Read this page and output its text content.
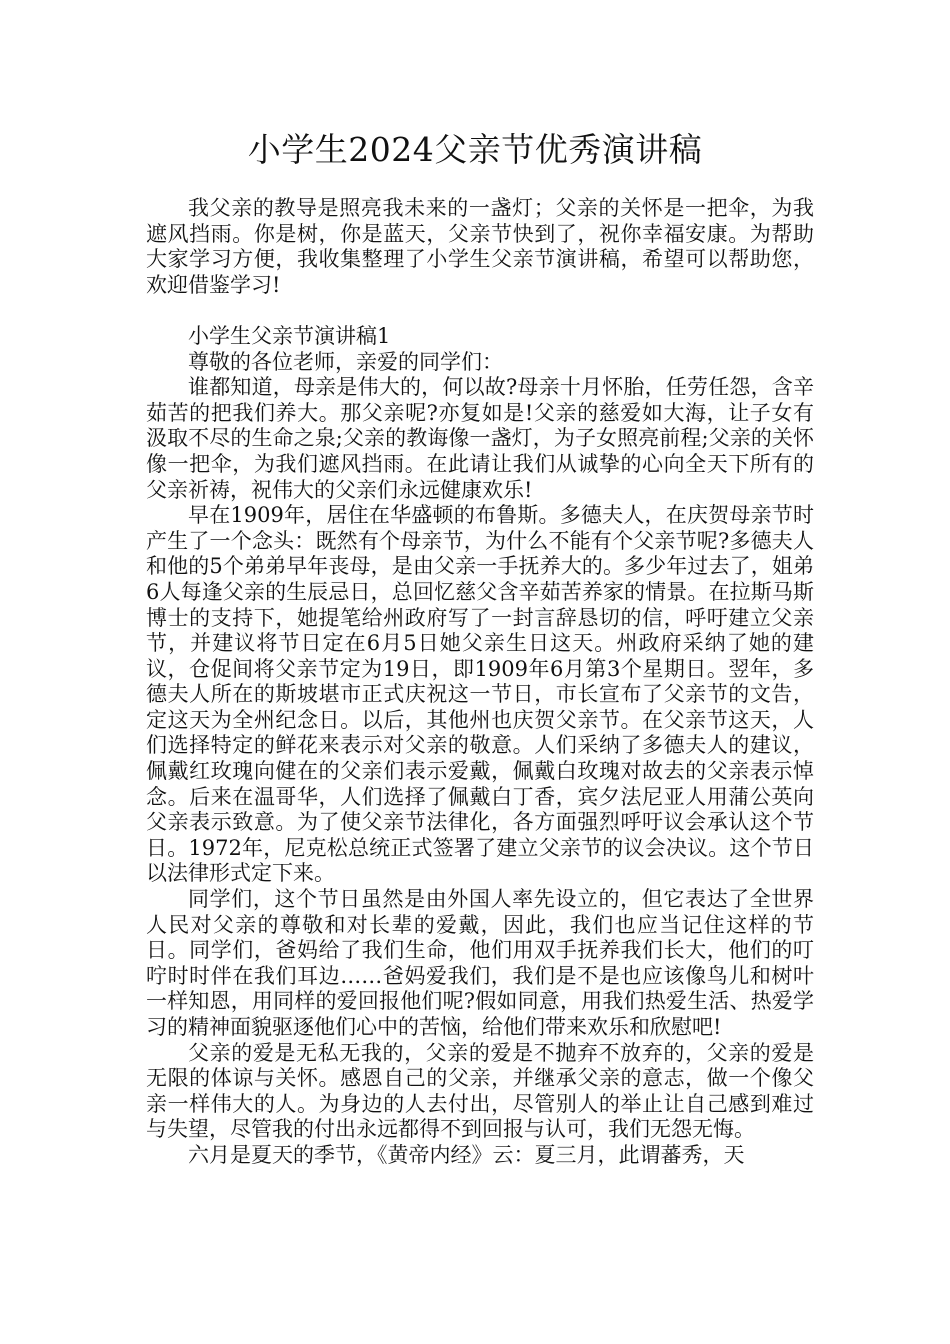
小学生2024父亲节优秀演讲稿

我父亲的教导是照亮我未来的一盏灯；父亲的关怀是一把伞，为我遮风挡雨。你是树，你是蓝天，父亲节快到了，祝你幸福安康。为帮助大家学习方便，我收集整理了小学生父亲节演讲稿，希望可以帮助您，欢迎借鉴学习!

小学生父亲节演讲稿1

尊敬的各位老师，亲爱的同学们：

谁都知道，母亲是伟大的，何以故?母亲十月怀胎，任劳任怨，含辛茹苦的把我们养大。那父亲呢?亦复如是!父亲的慈爱如大海，让子女有汲取不尽的生命之泉;父亲的教诲像一盏灯，为子女照亮前程;父亲的关怀像一把伞，为我们遮风挡雨。在此请让我们从诚挚的心向全天下所有的父亲祈祷，祝伟大的父亲们永远健康欢乐!

早在1909年，居住在华盛顿的布鲁斯。多德夫人，在庆贺母亲节时产生了一个念头：既然有个母亲节，为什么不能有个父亲节呢?多德夫人和他的5个弟弟早年丧母，是由父亲一手抚养大的。多少年过去了，姐弟6人每逢父亲的生辰忌日，总回忆慈父含辛茹苦养家的情景。在拉斯马斯博士的支持下，她提笔给州政府写了一封言辞恳切的信，呼吁建立父亲节，并建议将节日定在6月5日她父亲生日这天。州政府采纳了她的建议，仓促间将父亲节定为19日，即1909年6月第3个星期日。翌年，多德夫人所在的斯坡堪市正式庆祝这一节日，市长宣布了父亲节的文告，定这天为全州纪念日。以后，其他州也庆贺父亲节。在父亲节这天，人们选择特定的鲜花来表示对父亲的敬意。人们采纳了多德夫人的建议，佩戴红玫瑰向健在的父亲们表示爱戴，佩戴白玫瑰对故去的父亲表示悼念。后来在温哥华，人们选择了佩戴白丁香，宾夕法尼亚人用蒲公英向父亲表示致意。为了使父亲节法律化，各方面强烈呼吁议会承认这个节日。1972年，尼克松总统正式签署了建立父亲节的议会决议。这个节日以法律形式定下来。

同学们，这个节日虽然是由外国人率先设立的，但它表达了全世界人民对父亲的尊敬和对长辈的爱戴，因此，我们也应当记住这样的节日。同学们，爸妈给了我们生命，他们用双手抚养我们长大，他们的叮咛时时伴在我们耳边……爸妈爱我们，我们是不是也应该像鸟儿和树叶一样知恩，用同样的爱回报他们呢?假如同意，用我们热爱生活、热爱学习的精神面貌驱逐他们心中的苦恼，给他们带来欢乐和欣慰吧!

父亲的爱是无私无我的，父亲的爱是不抛弃不放弃的，父亲的爱是无限的体谅与关怀。感恩自己的父亲，并继承父亲的意志，做一个像父亲一样伟大的人。为身边的人去付出，尽管别人的举止让自己感到难过与失望，尽管我的付出永远都得不到回报与认可，我们无怨无悔。

六月是夏天的季节，《黄帝内经》云：夏三月，此谓蕃秀，天
